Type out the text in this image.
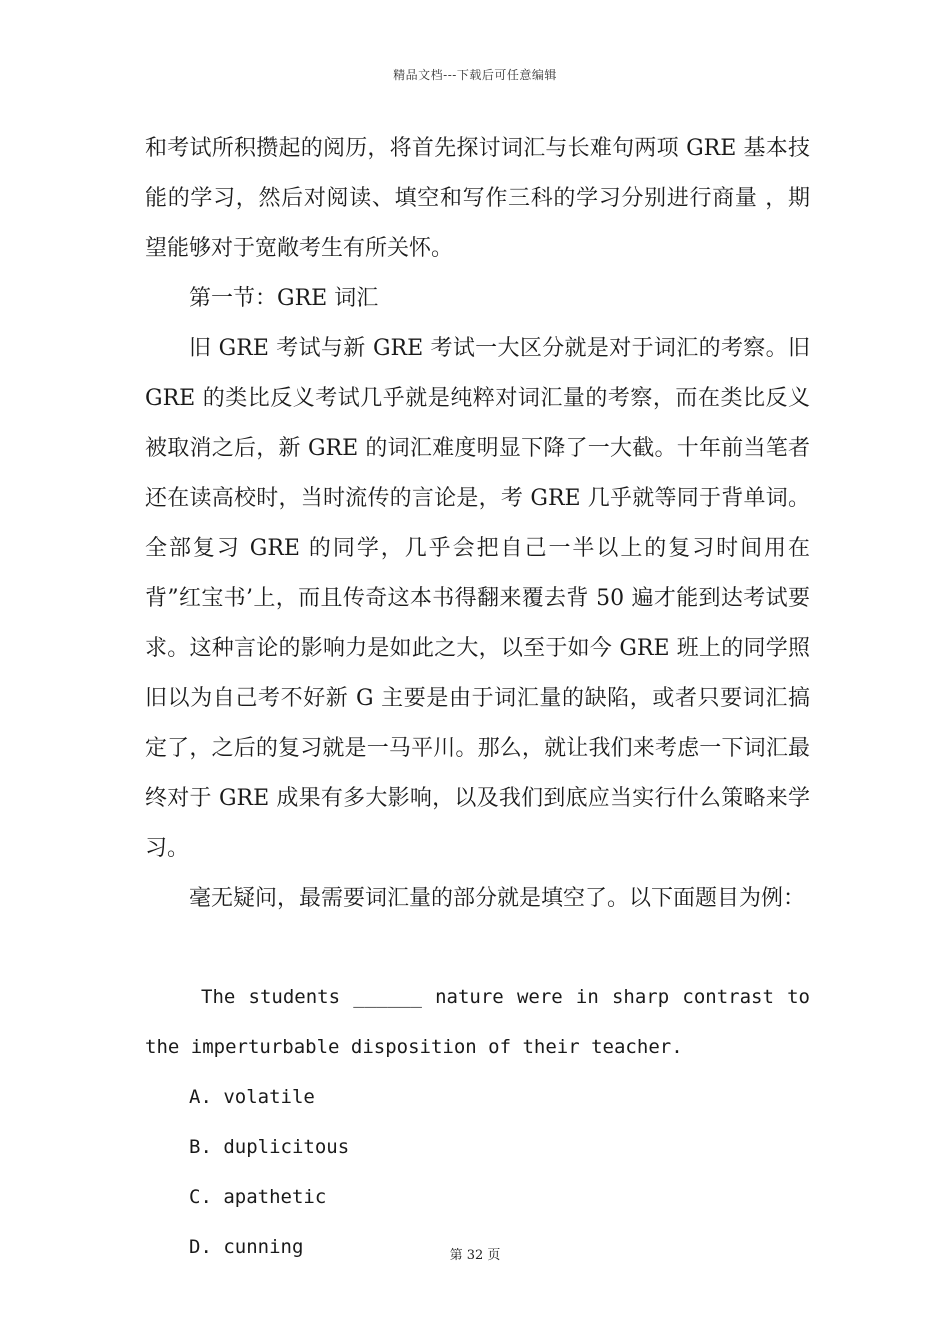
精品文档---下载后可任意编辑

和考试所积攒起的阅历，将首先探讨词汇与长难句两项 GRE 基本技能的学习，然后对阅读、填空和写作三科的学习分别进行商量 ，期望能够对于宽敞考生有所关怀。

第一节：GRE 词汇

旧 GRE 考试与新 GRE 考试一大区分就是对于词汇的考察。旧 GRE 的类比反义考试几乎就是纯粹对词汇量的考察，而在类比反义被取消之后，新 GRE 的词汇难度明显下降了一大截。十年前当笔者还在读高校时，当时流传的言论是，考 GRE 几乎就等同于背单词。全部复习 GRE 的同学，几乎会把自己一半以上的复习时间用在背”红宝书’上，而且传奇这本书得翻来覆去背 50 遍才能到达考试要求。这种言论的影响力是如此之大，以至于如今 GRE 班上的同学照旧以为自己考不好新 G 主要是由于词汇量的缺陷，或者只要词汇搞定了，之后的复习就是一马平川。那么，就让我们来考虑一下词汇最终对于 GRE 成果有多大影响，以及我们到底应当实行什么策略来学习。

毫无疑问，最需要词汇量的部分就是填空了。以下面题目为例：

The students ______ nature were in sharp contrast to
the imperturbable disposition of their teacher.

A. volatile

B. duplicitous

C. apathetic

D. cunning	第 32 页
